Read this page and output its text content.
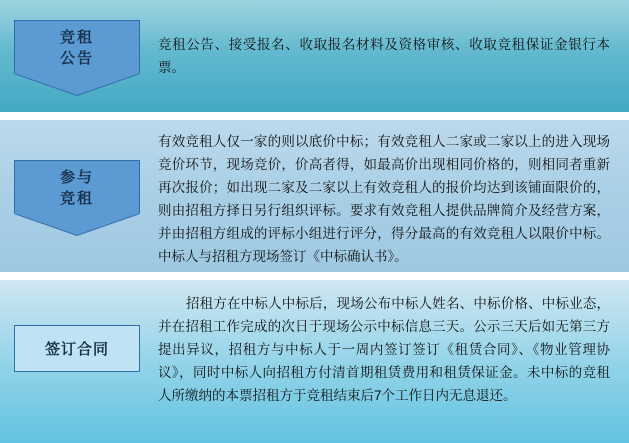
竞租
公告
参与
竞租
签订合同
竞租公告、接受报名、收取报名材料及资格审核、收取竞租保证金银行本票。
有效竞租人仅一家的则以底价中标；有效竞租人二家或二家以上的进入现场竞价环节，现场竞价，价高者得，如最高价出现相同价格的，则相同者重新再次报价；如出现二家及二家以上有效竞租人的报价均达到该铺面限价的，则由招租方择日另行组织评标。要求有效竞租人提供品牌简介及经营方案，并由招租方组成的评标小组进行评分，得分最高的有效竞租人以限价中标。中标人与招租方现场签订《中标确认书》。
招租方在中标人中标后，现场公布中标人姓名、中标价格、中标业态，并在招租工作完成的次日于现场公示中标信息三天。公示三天后如无第三方提出异议，招租方与中标人于一周内签订签订《租赁合同》、《物业管理协议》，同时中标人向招租方付清首期租赁费用和租赁保证金。未中标的竞租人所缴纳的本票招租方于竞租结束后7个工作日内无息退还。
